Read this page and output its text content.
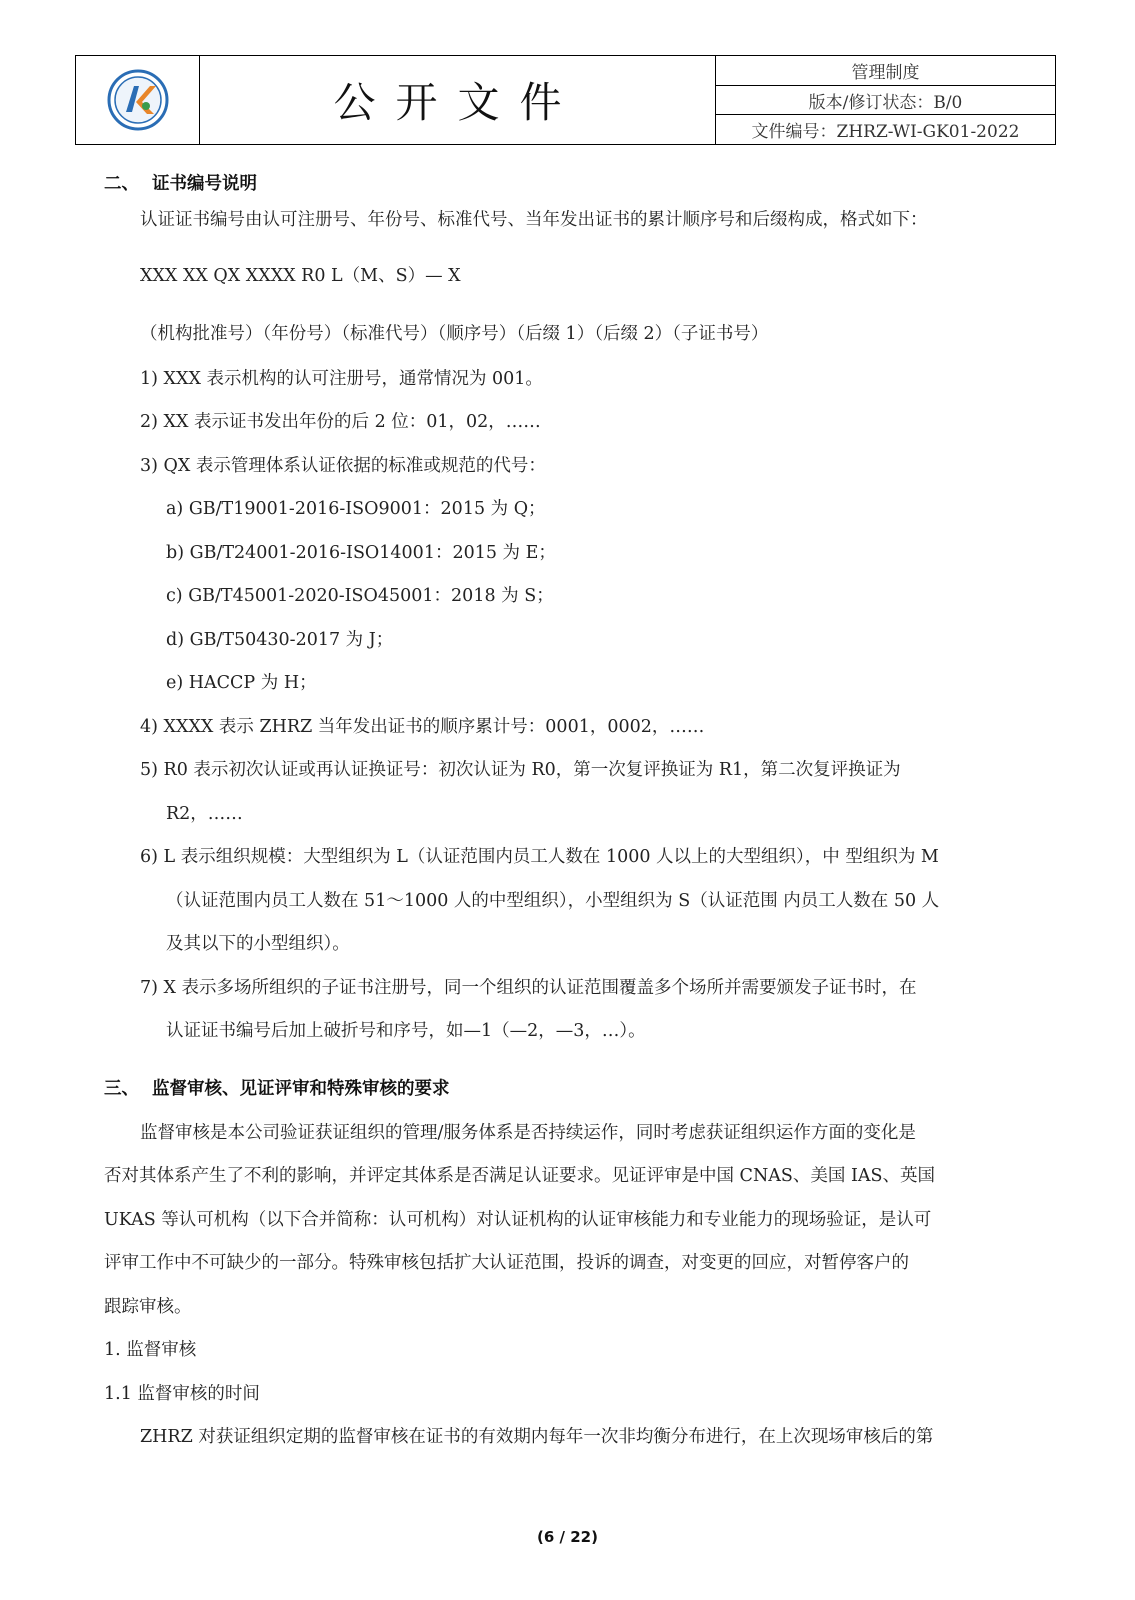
公开文件
管理制度
版本/修订状态：B/0
文件编号：ZHRZ-WI-GK01-2022
二、 证书编号说明
认证证书编号由认可注册号、年份号、标准代号、当年发出证书的累计顺序号和后缀构成，格式如下：
XXX XX QX XXXX R0 L（M、S）— X
（机构批准号）（年份号）（标准代号）（顺序号）（后缀 1）（后缀 2）（子证书号）
1) XXX 表示机构的认可注册号，通常情况为 001。
2) XX 表示证书发出年份的后 2 位：01，02，……
3) QX 表示管理体系认证依据的标准或规范的代号：
a) GB/T19001-2016-ISO9001：2015 为 Q；
b) GB/T24001-2016-ISO14001：2015 为 E；
c) GB/T45001-2020-ISO45001：2018 为 S；
d) GB/T50430-2017 为 J；
e) HACCP 为 H；
4) XXXX 表示 ZHRZ 当年发出证书的顺序累计号：0001，0002，……
5) R0 表示初次认证或再认证换证号：初次认证为 R0，第一次复评换证为 R1，第二次复评换证为
R2，……
6) L 表示组织规模：大型组织为 L（认证范围内员工人数在 1000 人以上的大型组织），中 型组织为 M
（认证范围内员工人数在 51～1000 人的中型组织），小型组织为 S（认证范围 内员工人数在 50 人
及其以下的小型组织）。
7) X 表示多场所组织的子证书注册号，同一个组织的认证范围覆盖多个场所并需要颁发子证书时，在
认证证书编号后加上破折号和序号，如—1（—2，—3，…）。
三、 监督审核、见证评审和特殊审核的要求
监督审核是本公司验证获证组织的管理/服务体系是否持续运作，同时考虑获证组织运作方面的变化是
否对其体系产生了不利的影响，并评定其体系是否满足认证要求。见证评审是中国 CNAS、美国 IAS、英国
UKAS 等认可机构（以下合并简称：认可机构）对认证机构的认证审核能力和专业能力的现场验证，是认可
评审工作中不可缺少的一部分。特殊审核包括扩大认证范围，投诉的调查，对变更的回应，对暂停客户的
跟踪审核。
1. 监督审核
1.1 监督审核的时间
ZHRZ 对获证组织定期的监督审核在证书的有效期内每年一次非均衡分布进行，在上次现场审核后的第
(6 / 22)
